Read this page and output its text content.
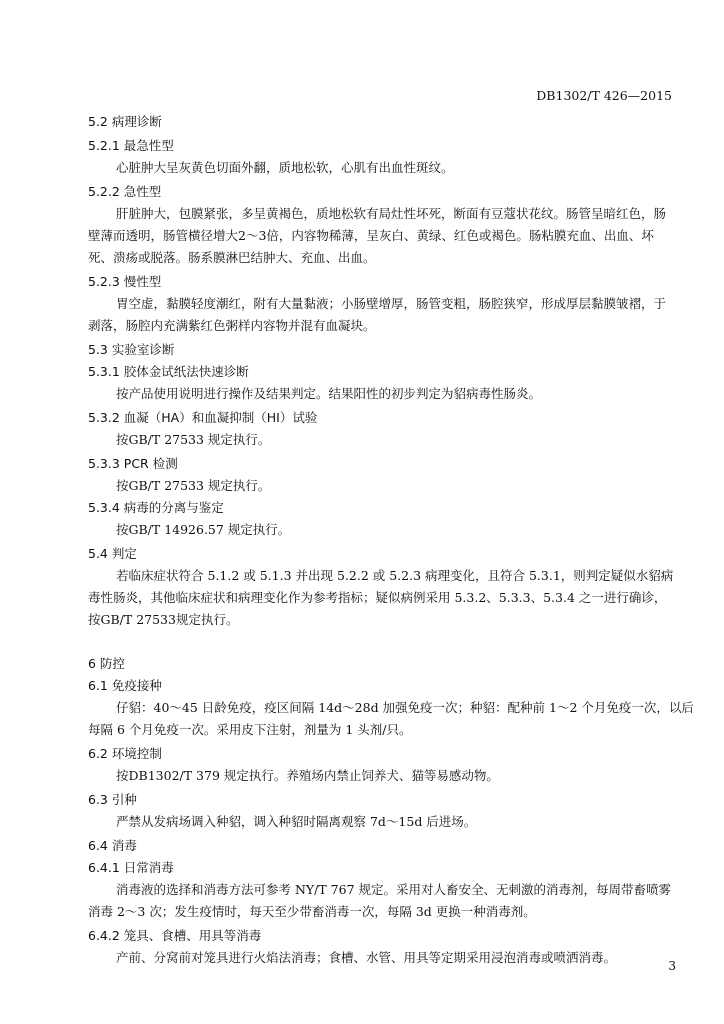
DB1302/T 426—2015
5.2 病理诊断
5.2.1 最急性型
心脏肿大呈灰黄色切面外翻，质地松软，心肌有出血性斑纹。
5.2.2 急性型
肝脏肿大，包膜紧张，多呈黄褐色，质地松软有局灶性坏死，断面有豆蔻状花纹。肠管呈暗红色，肠
壁薄而透明，肠管横径增大2～3倍，内容物稀薄，呈灰白、黄绿、红色或褐色。肠粘膜充血、出血、坏
死、溃疡或脱落。肠系膜淋巴结肿大、充血、出血。
5.2.3 慢性型
胃空虚，黏膜轻度潮红，附有大量黏液；小肠壁增厚，肠管变粗，肠腔狭窄，形成厚层黏膜皱褶，于
剥落，肠腔内充满紫红色粥样内容物并混有血凝块。
5.3 实验室诊断
5.3.1 胶体金试纸法快速诊断
按产品使用说明进行操作及结果判定。结果阳性的初步判定为貂病毒性肠炎。
5.3.2 血凝（HA）和血凝抑制（HI）试验
按GB/T 27533 规定执行。
5.3.3 PCR 检测
按GB/T 27533 规定执行。
5.3.4 病毒的分离与鉴定
按GB/T 14926.57 规定执行。
5.4 判定
若临床症状符合 5.1.2 或 5.1.3 并出现 5.2.2 或 5.2.3 病理变化，且符合 5.3.1，则判定疑似水貂病
毒性肠炎，其他临床症状和病理变化作为参考指标；疑似病例采用 5.3.2、5.3.3、5.3.4 之一进行确诊，
按GB/T 27533规定执行。
6 防控
6.1 免疫接种
仔貂：40～45 日龄免疫，疫区间隔 14d～28d 加强免疫一次；种貂：配种前 1～2 个月免疫一次，以后
每隔 6 个月免疫一次。采用皮下注射，剂量为 1 头剂/只。
6.2 环境控制
按DB1302/T 379 规定执行。养殖场内禁止饲养犬、猫等易感动物。
6.3 引种
严禁从发病场调入种貂，调入种貂时隔离观察 7d～15d 后进场。
6.4 消毒
6.4.1 日常消毒
消毒液的选择和消毒方法可参考 NY/T 767 规定。采用对人畜安全、无刺激的消毒剂，每周带畜喷雾
消毒 2～3 次；发生疫情时，每天至少带畜消毒一次，每隔 3d 更换一种消毒剂。
6.4.2 笼具、食槽、用具等消毒
产前、分窝前对笼具进行火焰法消毒；食槽、水管、用具等定期采用浸泡消毒或喷洒消毒。
3
